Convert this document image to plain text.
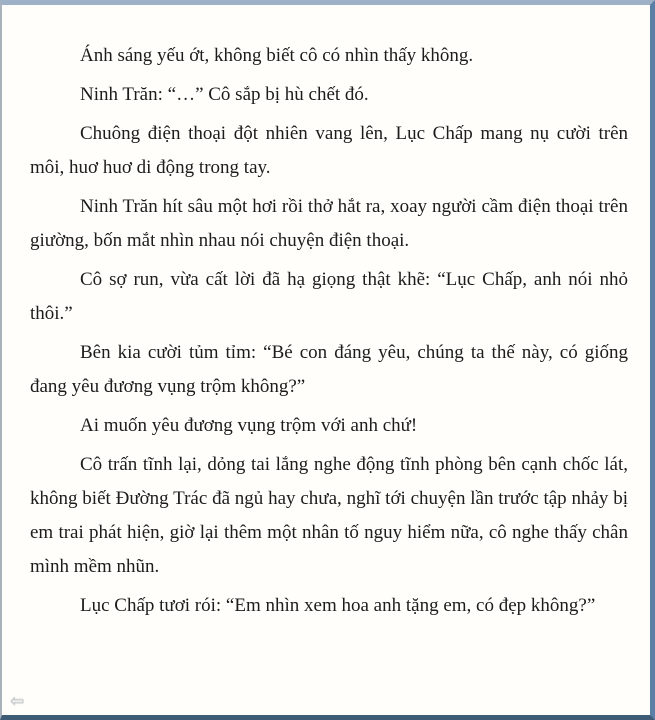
Ánh sáng yếu ớt, không biết cô có nhìn thấy không.

Ninh Trăn: “…” Cô sắp bị hù chết đó.

Chuông điện thoại đột nhiên vang lên, Lục Chấp mang nụ cười trên môi, huơ huơ di động trong tay.

Ninh Trăn hít sâu một hơi rồi thở hắt ra, xoay người cầm điện thoại trên giường, bốn mắt nhìn nhau nói chuyện điện thoại.

Cô sợ run, vừa cất lời đã hạ giọng thật khẽ: “Lục Chấp, anh nói nhỏ thôi.”

Bên kia cười tủm tỉm: “Bé con đáng yêu, chúng ta thế này, có giống đang yêu đương vụng trộm không?”

Ai muốn yêu đương vụng trộm với anh chứ!

Cô trấn tĩnh lại, dỏng tai lắng nghe động tĩnh phòng bên cạnh chốc lát, không biết Đường Trác đã ngủ hay chưa, nghĩ tới chuyện lần trước tập nhảy bị em trai phát hiện, giờ lại thêm một nhân tố nguy hiểm nữa, cô nghe thấy chân mình mềm nhũn.

Lục Chấp tươi rói: “Em nhìn xem hoa anh tặng em, có đẹp không?”

⇦
